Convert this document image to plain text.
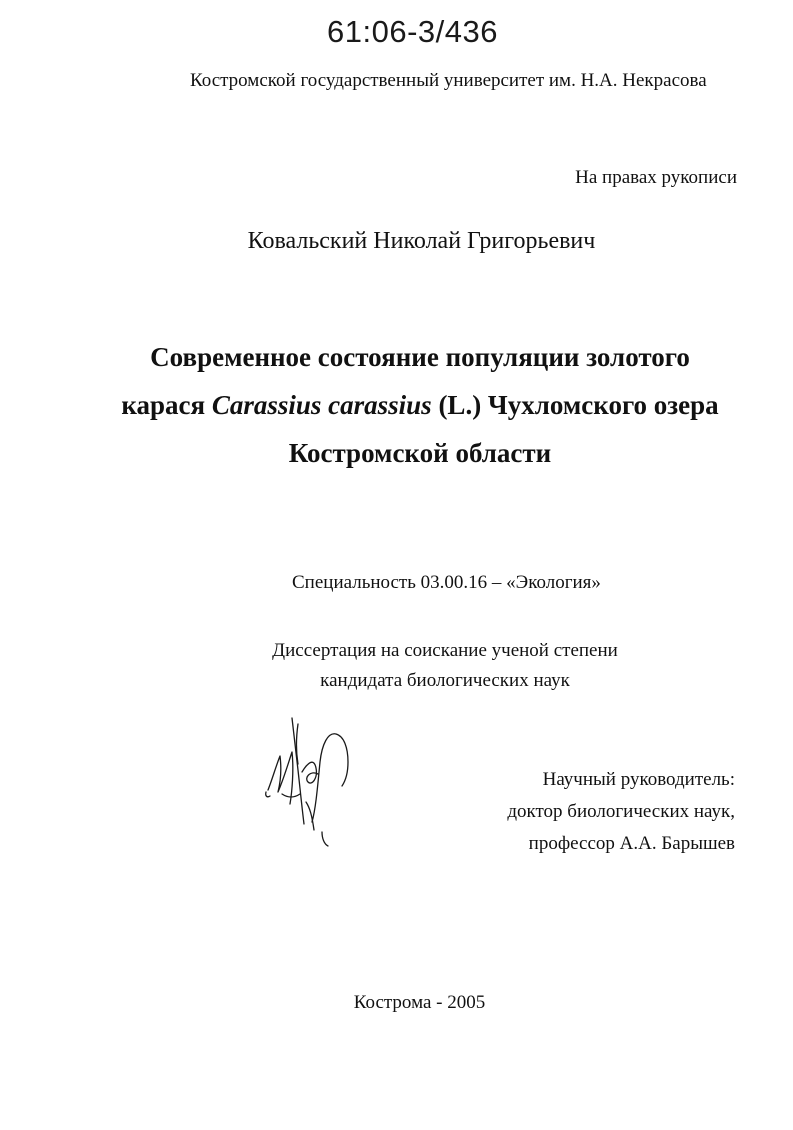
61:06-3/436
Костромской государственный университет им. Н.А. Некрасова
На правах рукописи
Ковальский Николай Григорьевич
Современное состояние популяции золотого
карася Carassius carassius (L.) Чухломского озера
Костромской области
Специальность 03.00.16 – «Экология»
Диссертация на соискание ученой степени
кандидата биологических наук
Научный руководитель:
доктор биологических наук,
профессор А.А. Барышев
Кострома - 2005
